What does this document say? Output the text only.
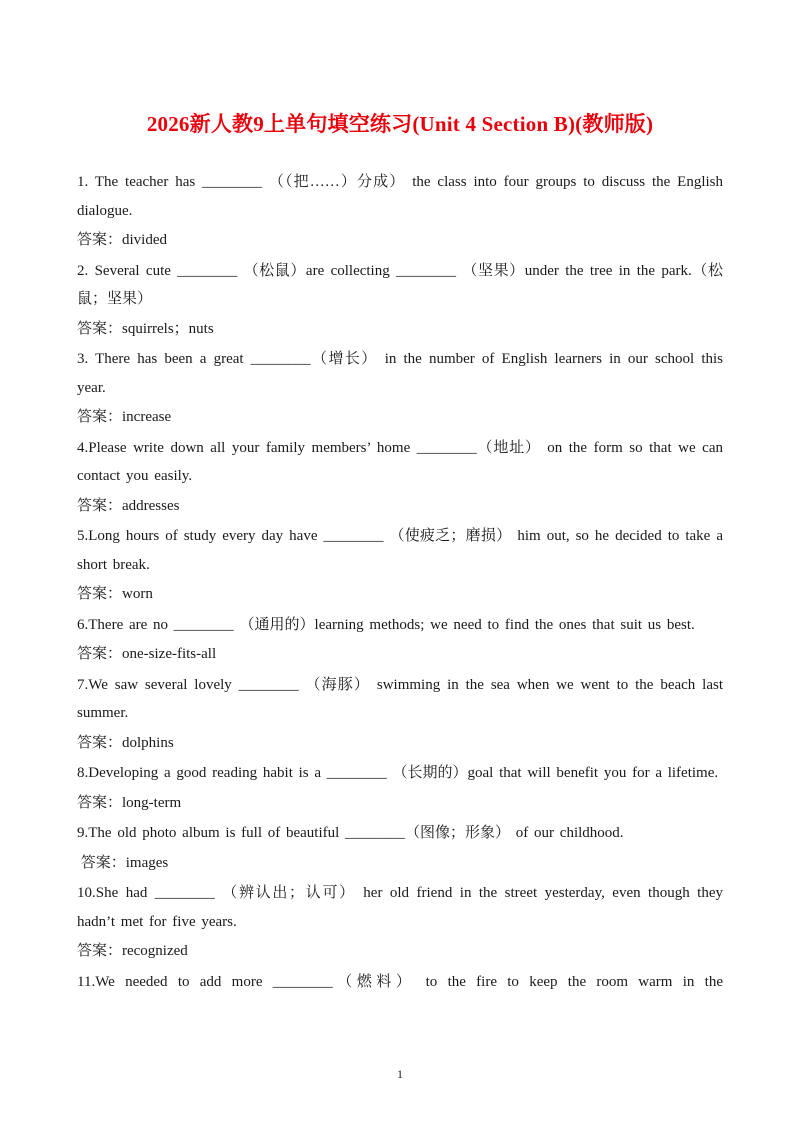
2026新人教9上单句填空练习(Unit 4 Section B)(教师版)
1. The teacher has ________ （（把……）分成） the class into four groups to discuss the English dialogue.
答案：divided
2. Several cute ________ （松鼠）are collecting ________ （坚果）under the tree in the park.（松鼠；坚果）
答案：squirrels；nuts
3. There has been a great ________（增长） in the number of English learners in our school this year.
答案：increase
4.Please write down all your family members’ home ________（地址） on the form so that we can contact you easily.
答案：addresses
5.Long hours of study every day have ________ （使疲乏；磨损） him out, so he decided to take a short break.
答案：worn
6.There are no ________ （通用的）learning methods; we need to find the ones that suit us best.
答案：one-size-fits-all
7.We saw several lovely ________ （海豚） swimming in the sea when we went to the beach last summer.
答案：dolphins
8.Developing a good reading habit is a ________ （长期的）goal that will benefit you for a lifetime.
答案：long-term
9.The old photo album is full of beautiful ________（图像；形象） of our childhood.
答案：images
10.She had ________ （辨认出；认可） her old friend in the street yesterday, even though they hadn’t met for five years.
答案：recognized
11.We needed to add more ________（燃料） to the fire to keep the room warm in the
1
